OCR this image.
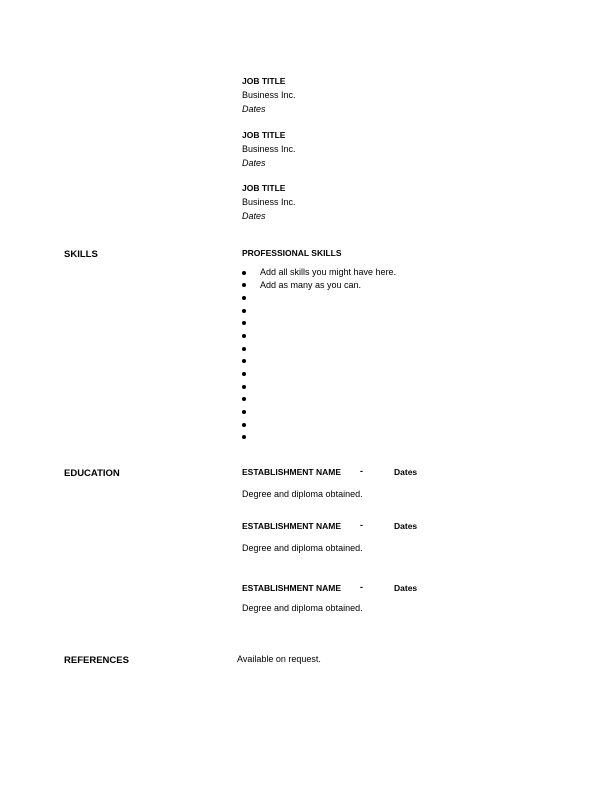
JOB TITLE
Business Inc.
Dates
JOB TITLE
Business Inc.
Dates
JOB TITLE
Business Inc.
Dates
SKILLS	PROFESSIONAL SKILLS
Add all skills you might have here.
Add as many as you can.
EDUCATION	ESTABLISHMENT NAME -	Dates
Degree and diploma obtained.
ESTABLISHMENT NAME -	Dates
Degree and diploma obtained.
ESTABLISHMENT NAME -	Dates
Degree and diploma obtained.
REFERENCES	Available on request.
